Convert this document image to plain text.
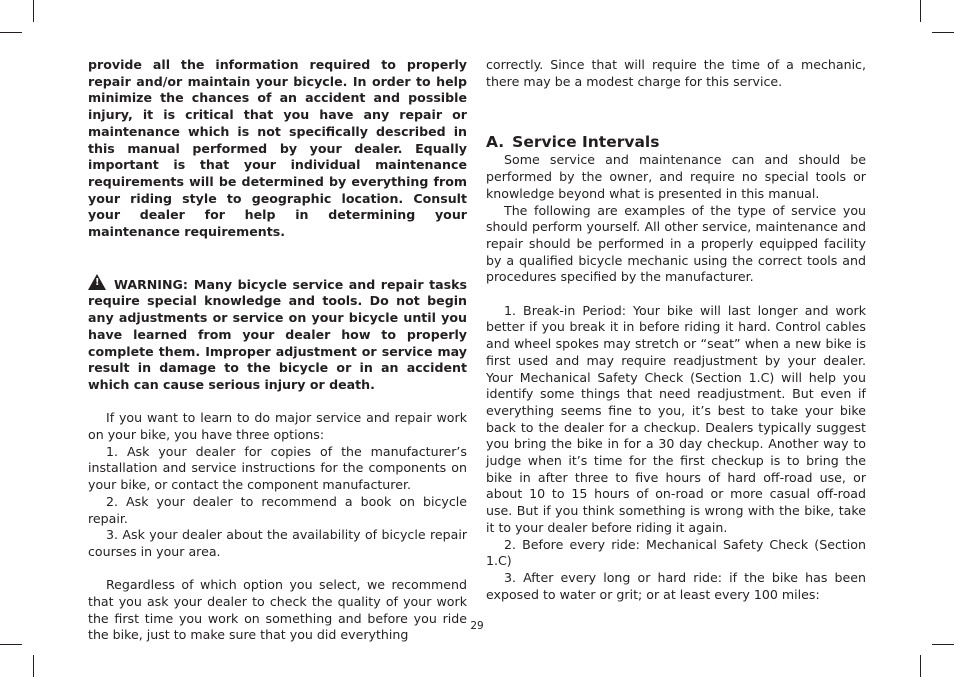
provide all the information required to properly repair and/or maintain your bicycle. In order to help minimize the chances of an accident and possible injury, it is critical that you have any repair or maintenance which is not specifically described in this manual performed by your dealer. Equally important is that your individual maintenance requirements will be determined by everything from your riding style to geographic location. Consult your dealer for help in determining your maintenance requirements.

! WARNING: Many bicycle service and repair tasks require special knowledge and tools. Do not begin any adjustments or service on your bicycle until you have learned from your dealer how to properly complete them. Improper adjustment or service may result in damage to the bicycle or in an accident which can cause serious injury or death.

If you want to learn to do major service and repair work on your bike, you have three options:

1. Ask your dealer for copies of the manufacturer’s installation and service instructions for the components on your bike, or contact the component manufacturer.

2. Ask your dealer to recommend a book on bicycle repair.

3. Ask your dealer about the availability of bicycle repair courses in your area.

Regardless of which option you select, we recommend that you ask your dealer to check the quality of your work the first time you work on something and before you ride the bike, just to make sure that you did everything

correctly. Since that will require the time of a mechanic, there may be a modest charge for this service.

A. Service Intervals

Some service and maintenance can and should be performed by the owner, and require no special tools or knowledge beyond what is presented in this manual.

The following are examples of the type of service you should perform yourself. All other service, maintenance and repair should be performed in a properly equipped facility by a qualified bicycle mechanic using the correct tools and procedures specified by the manufacturer.

1. Break-in Period: Your bike will last longer and work better if you break it in before riding it hard. Control cables and wheel spokes may stretch or “seat” when a new bike is first used and may require readjustment by your dealer. Your Mechanical Safety Check (Section 1.C) will help you identify some things that need readjustment. But even if everything seems fine to you, it’s best to take your bike back to the dealer for a checkup. Dealers typically suggest you bring the bike in for a 30 day checkup. Another way to judge when it’s time for the first checkup is to bring the bike in after three to five hours of hard off-road use, or about 10 to 15 hours of on-road or more casual off-road use. But if you think something is wrong with the bike, take it to your dealer before riding it again.

2. Before every ride: Mechanical Safety Check (Section 1.C)

3. After every long or hard ride: if the bike has been exposed to water or grit; or at least every 100 miles:

29
